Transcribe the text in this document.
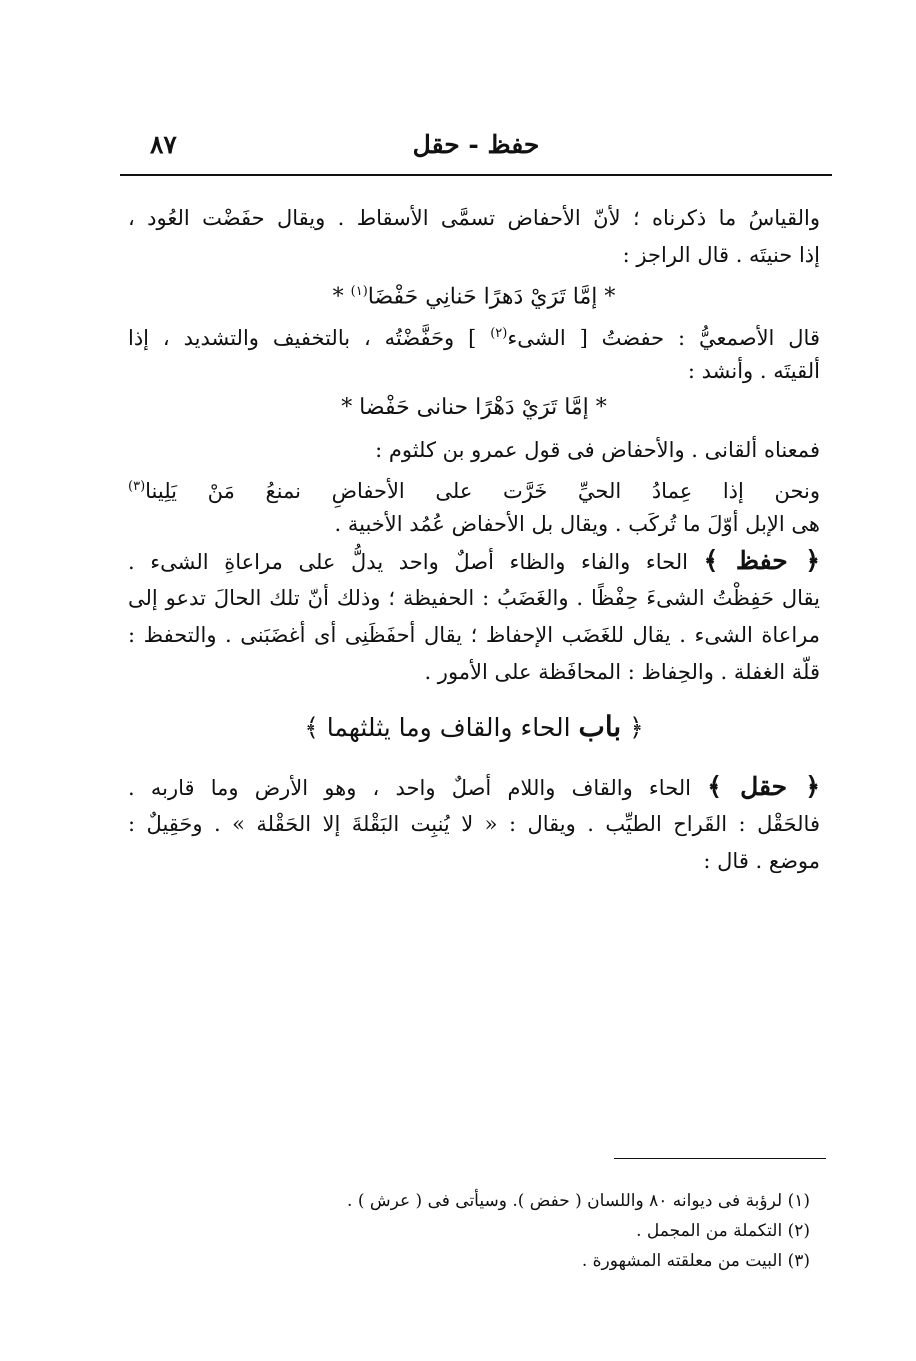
٨٧	حفظ - حقل
والقياسُ ما ذكرناه ؛ لأنّ الأحفاض تسمَّى الأسقاط . ويقال حفَضْت العُود ،
إذا حنيتَه . قال الراجز :
* إمَّا تَرَيْ دَهرًا حَنانِي حَفْضَا$^{(١)}$ *
قال الأصمعيُّ : حفضتُ [ الشىء$^{(٢)}$ ] وحَفَّضْتُه ، بالتخفيف والتشديد ، إذا
ألقيتَه . وأنشد :
* إمَّا تَرَيْ دَهْرًا حنانى حَفْضا *
فمعناه ألقانى . والأحفاض فى قول عمرو بن كلثوم :
ونحن إذا عِمادُ الحيِّ خَرَّت على الأحفاضِ نمنعُ مَنْ يَلِينا$^{(٣)}$
هى الإبل أوّلَ ما تُركَب . ويقال بل الأحفاض عُمُد الأخبية .
﴿ حفظ ﴾ الحاء والفاء والظاء أصلٌ واحد يدلُّ على مراعاةِ الشىء .
يقال حَفِظْتُ الشىءَ حِفْظًا . والغَضَبُ : الحفيظة ؛ وذلك أنّ تلك الحالَ تدعو إلى
مراعاة الشىء . يقال للغَضَب الإحفاظ ؛ يقال أحفَظَنِى أى أغضَبَنى . والتحفظ :
قلّة الغفلة . والحِفاظ : المحافَظة على الأمور .
﴿ باب الحاء والقاف وما يثلثهما ﴾
﴿ حقل ﴾ الحاء والقاف واللام أصلٌ واحد ، وهو الأرض وما قاربه .
فالحَقْل : القَراح الطيِّب . ويقال : « لا يُنبِت البَقْلةَ إلا الحَقْلة » . وحَقِيلٌ :
موضع . قال :
(١) لرؤبة فى ديوانه ٨٠ واللسان ( حفض ). وسيأتى فى ( عرش ) .
(٢) التكملة من المجمل .
(٣) البيت من معلقته المشهورة .
